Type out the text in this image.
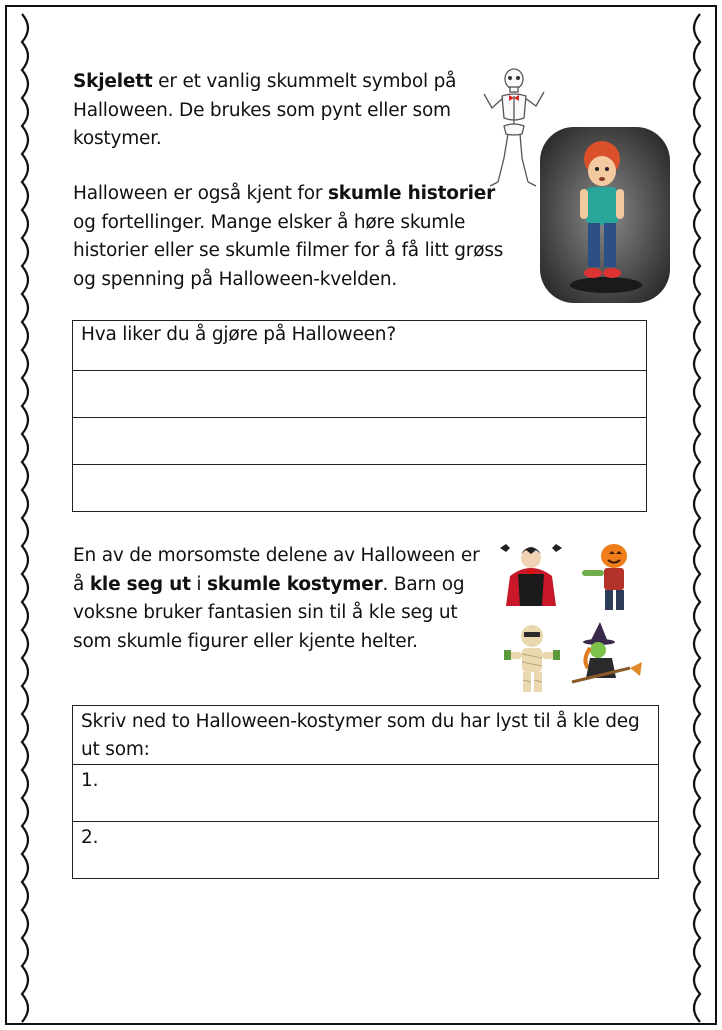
Skjelett er et vanlig skummelt symbol på Halloween. De brukes som pynt eller som kostymer.
Halloween er også kjent for skumle historier og fortellinger. Mange elsker å høre skumle historier eller se skumle filmer for å få litt grøss og spenning på Halloween-kvelden.
Hva liker du å gjøre på Halloween?

En av de morsomste delene av Halloween er å kle seg ut i skumle kostymer. Barn og voksne bruker fantasien sin til å kle seg ut som skumle figurer eller kjente helter.
Skriv ned to Halloween-kostymer som du har lyst til å kle deg ut som:
1.
2.
